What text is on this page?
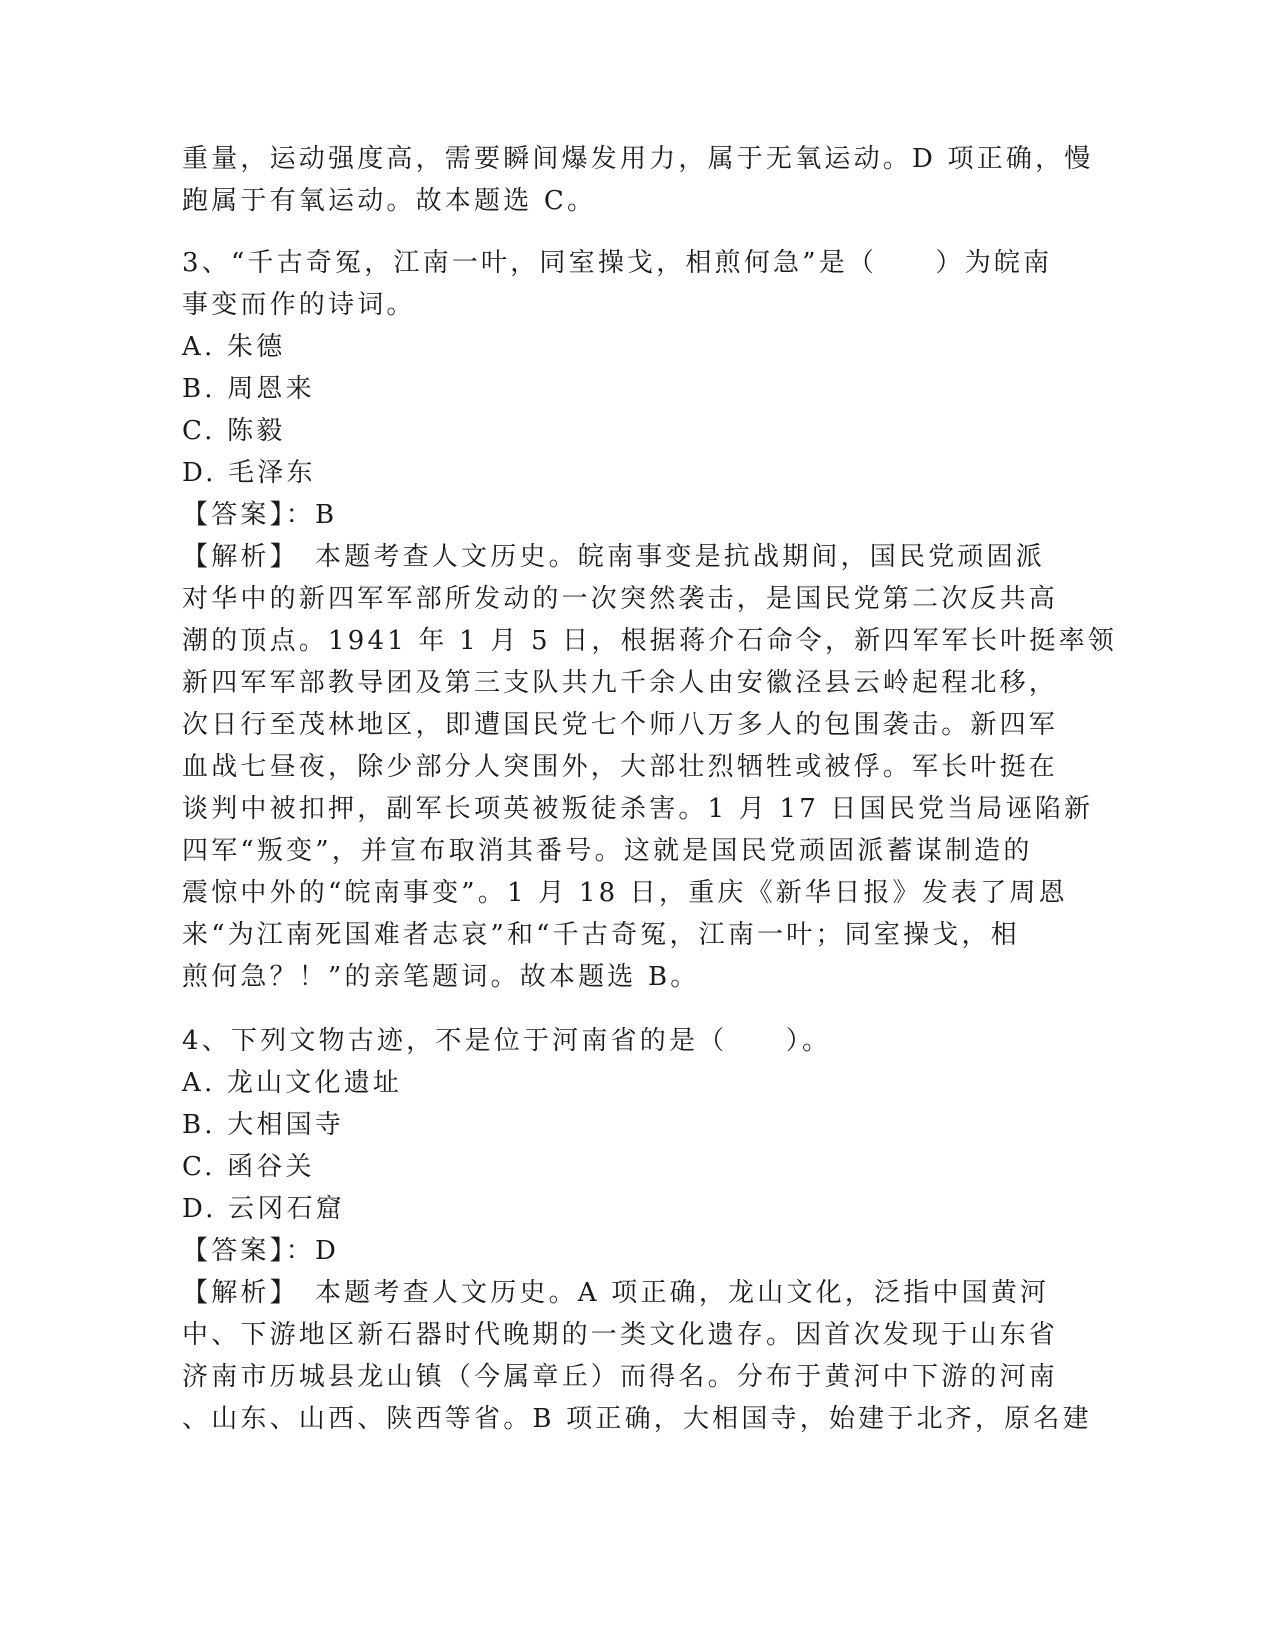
重量，运动强度高，需要瞬间爆发用力，属于无氧运动。D 项正确，慢
跑属于有氧运动。故本题选 C。
3、“千古奇冤，江南一叶，同室操戈，相煎何急”是（　　）为皖南
事变而作的诗词。
A. 朱德
B. 周恩来
C. 陈毅
D. 毛泽东
【答案】：B
【解析】　本题考查人文历史。皖南事变是抗战期间，国民党顽固派
对华中的新四军军部所发动的一次突然袭击，是国民党第二次反共高
潮的顶点。1941 年 1 月 5 日，根据蒋介石命令，新四军军长叶挺率领
新四军军部教导团及第三支队共九千余人由安徽泾县云岭起程北移，
次日行至茂林地区，即遭国民党七个师八万多人的包围袭击。新四军
血战七昼夜，除少部分人突围外，大部壮烈牺牲或被俘。军长叶挺在
谈判中被扣押，副军长项英被叛徒杀害。1 月 17 日国民党当局诬陷新
四军“叛变”，并宣布取消其番号。这就是国民党顽固派蓄谋制造的
震惊中外的“皖南事变”。1 月 18 日，重庆《新华日报》发表了周恩
来“为江南死国难者志哀”和“千古奇冤，江南一叶；同室操戈，相
煎何急？！”的亲笔题词。故本题选 B。
4、下列文物古迹，不是位于河南省的是（　　）。
A. 龙山文化遗址
B. 大相国寺
C. 函谷关
D. 云冈石窟
【答案】：D
【解析】　本题考查人文历史。A 项正确，龙山文化，泛指中国黄河
中、下游地区新石器时代晚期的一类文化遗存。因首次发现于山东省
济南市历城县龙山镇（今属章丘）而得名。分布于黄河中下游的河南
、山东、山西、陕西等省。B 项正确，大相国寺，始建于北齐，原名建
